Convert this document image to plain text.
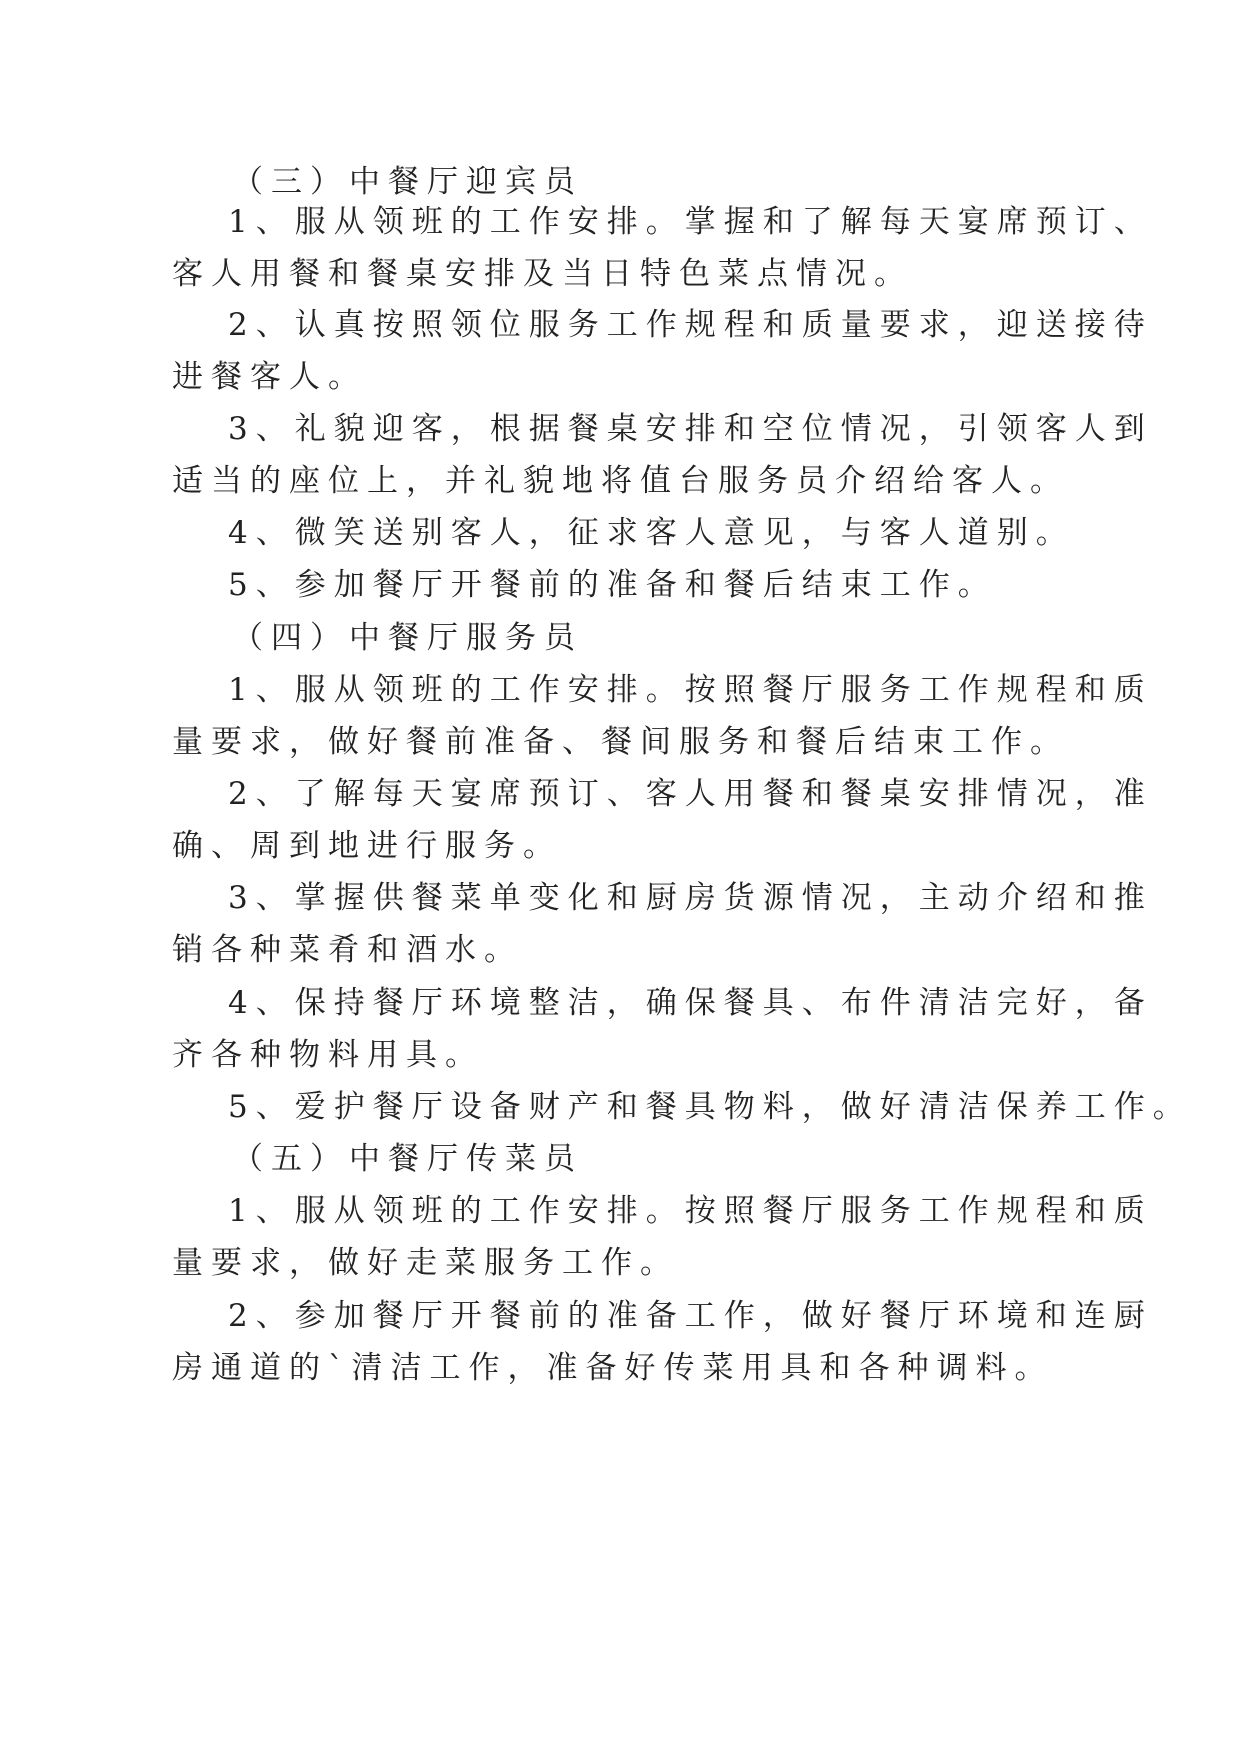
（三）中餐厅迎宾员
1、服从领班的工作安排。掌握和了解每天宴席预订、
客人用餐和餐桌安排及当日特色菜点情况。
2、认真按照领位服务工作规程和质量要求，迎送接待
进餐客人。
3、礼貌迎客，根据餐桌安排和空位情况，引领客人到
适当的座位上，并礼貌地将值台服务员介绍给客人。
4、微笑送别客人，征求客人意见，与客人道别。
5、参加餐厅开餐前的准备和餐后结束工作。
（四）中餐厅服务员
1、服从领班的工作安排。按照餐厅服务工作规程和质
量要求，做好餐前准备、餐间服务和餐后结束工作。
2、了解每天宴席预订、客人用餐和餐桌安排情况，准
确、周到地进行服务。
3、掌握供餐菜单变化和厨房货源情况，主动介绍和推
销各种菜肴和酒水。
4、保持餐厅环境整洁，确保餐具、布件清洁完好，备
齐各种物料用具。
5、爱护餐厅设备财产和餐具物料，做好清洁保养工作。
（五）中餐厅传菜员
1、服从领班的工作安排。按照餐厅服务工作规程和质
量要求，做好走菜服务工作。
2、参加餐厅开餐前的准备工作，做好餐厅环境和连厨
房通道的`清洁工作，准备好传菜用具和各种调料。
